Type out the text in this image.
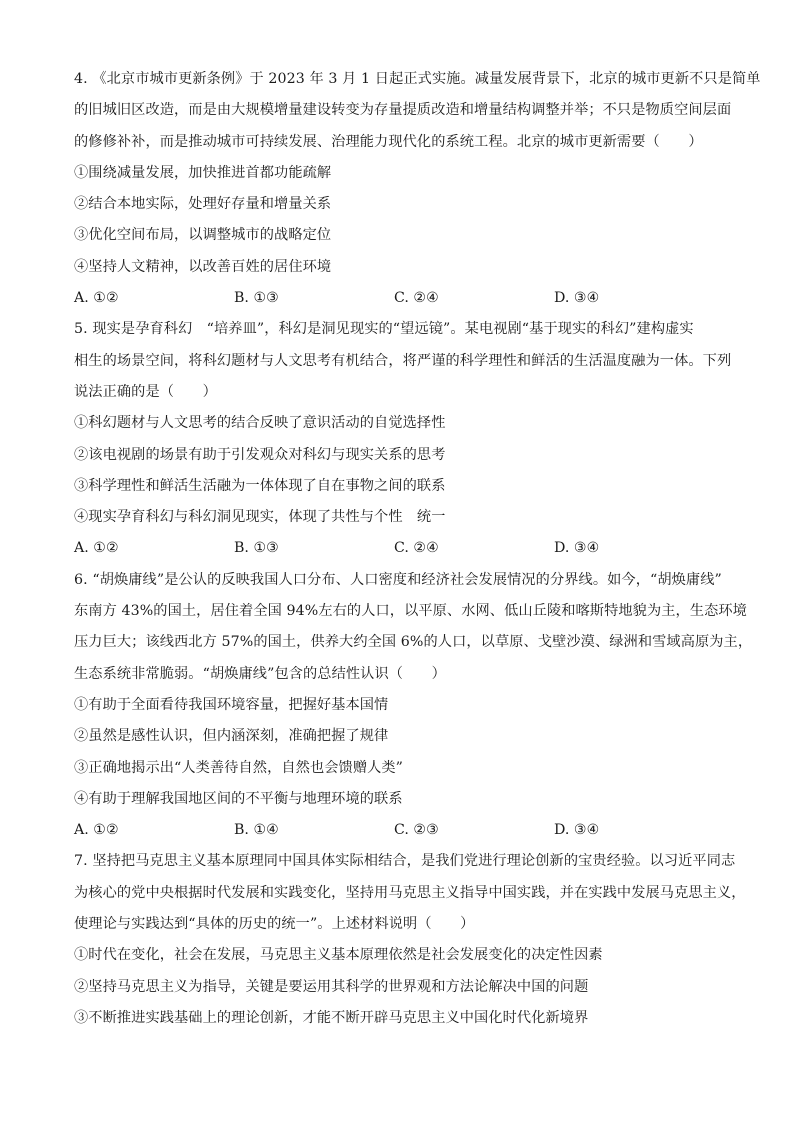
4. 《北京市城市更新条例》于 2023 年 3 月 1 日起正式实施。减量发展背景下，北京的城市更新不只是简单
的旧城旧区改造，而是由大规模增量建设转变为存量提质改造和增量结构调整并举；不只是物质空间层面
的修修补补，而是推动城市可持续发展、治理能力现代化的系统工程。北京的城市更新需要（　　）
①围绕减量发展，加快推进首都功能疏解
②结合本地实际，处理好存量和增量关系
③优化空间布局，以调整城市的战略定位
④坚持人文精神，以改善百姓的居住环境
A. ①②	B. ①③	C. ②④	D. ③④
5. 现实是孕育科幻　“培养皿”，科幻是洞见现实的“望远镜”。某电视剧“基于现实的科幻”建构虚实
相生的场景空间，将科幻题材与人文思考有机结合，将严谨的科学理性和鲜活的生活温度融为一体。下列
说法正确的是（　　）
①科幻题材与人文思考的结合反映了意识活动的自觉选择性
②该电视剧的场景有助于引发观众对科幻与现实关系的思考
③科学理性和鲜活生活融为一体体现了自在事物之间的联系
④现实孕育科幻与科幻洞见现实，体现了共性与个性　统一
A. ①②	B. ①③	C. ②④	D. ③④
6. “胡焕庸线”是公认的反映我国人口分布、人口密度和经济社会发展情况的分界线。如今，“胡焕庸线”
东南方 43%的国土，居住着全国 94%左右的人口，以平原、水网、低山丘陵和喀斯特地貌为主，生态环境
压力巨大；该线西北方 57%的国土，供养大约全国 6%的人口，以草原、戈壁沙漠、绿洲和雪域高原为主，
生态系统非常脆弱。“胡焕庸线”包含的总结性认识（　　）
①有助于全面看待我国环境容量，把握好基本国情
②虽然是感性认识，但内涵深刻，准确把握了规律
③正确地揭示出“人类善待自然，自然也会馈赠人类”
④有助于理解我国地区间的不平衡与地理环境的联系
A. ①②	B. ①④	C. ②③	D. ③④
7. 坚持把马克思主义基本原理同中国具体实际相结合，是我们党进行理论创新的宝贵经验。以习近平同志
为核心的党中央根据时代发展和实践变化，坚持用马克思主义指导中国实践，并在实践中发展马克思主义，
使理论与实践达到“具体的历史的统一”。上述材料说明（　　）
①时代在变化，社会在发展，马克思主义基本原理依然是社会发展变化的决定性因素
②坚持马克思主义为指导，关键是要运用其科学的世界观和方法论解决中国的问题
③不断推进实践基础上的理论创新，才能不断开辟马克思主义中国化时代化新境界
